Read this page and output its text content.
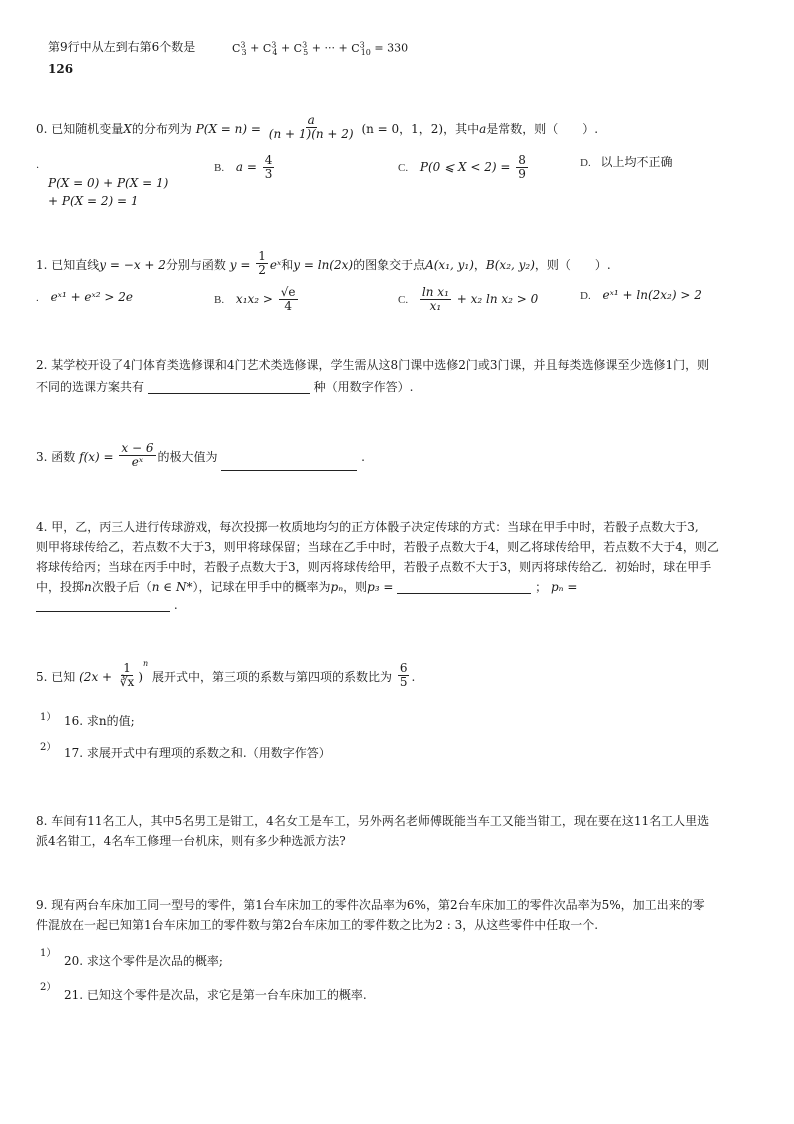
第9行中从左到右第6个数是	$C^3_3 + C^3_4 + C^3_5$ + ··· + $C^3_{10} = 330$
126
0. 已知随机变量X的分布列为 $P(X = n) = \frac{a}{(n + 1)(n + 2)} (n = 0$，1，2)，其中a是常数，则（　　）.
.
P(X = 0) + P(X = 1)
+ P(X = 2) = 1
B. $a = \frac{4}{3}$	C. P(0 ⩽ $X < 2) = \frac{8}{9}$	D. 以上均不正确
1. 已知直线y = −x + 2分别与函数 $y = \frac{1}{2}$ eˣ和y = ln(2x)的图象交于点A(x₁, y₁)，B(x₂, y₂)，则（　　）.
. eˣ¹ + eˣ² > 2e	B. $x_1x_2 > \frac{√e}{4}$	C. $\frac{\text{ln x₁}}{\text{x₁}} + x_2$ ln x₂ > 0	D. eˣ¹ + ln(2x₂) > 2
2. 某学校开设了4门体育类选修课和4门艺术类选修课，学生需从这8门课中选修2门或3门课，并且每类选修课至少选修1门，则
不同的选课方案共有	种（用数字作答）.
3. 函数 $f(x) = \frac{x - 6}{\text{eˣ}}$ 的极大值为	.
4. 甲，乙，丙三人进行传球游戏，每次投掷一枚质地均匀的正方体骰子决定传球的方式：当球在甲手中时，若骰子点数大于3,
则甲将球传给乙，若点数不大于3，则甲将球保留；当球在乙手中时，若骰子点数大于4，则乙将球传给甲，若点数不大于4，则乙
将球传给丙；当球在丙手中时，若骰子点数大于3，则丙将球传给甲，若骰子点数不大于3，则丙将球传给乙．初始时，球在甲手
中，投掷n次骰子后（n ∈ N*），记球在甲手中的概率为pₙ，则p₃ =	； pₙ =
.
5. 已知 $(2x + \frac{1}{∛x} )^n$ 展开式中，第三项的系数与第四项的系数比为 $\frac{6}{5}$ .
1） 16. 求n的值;
2） 17. 求展开式中有理项的系数之和.（用数字作答）
8. 车间有11名工人，其中5名男工是钳工，4名女工是车工，另外两名老师傅既能当车工又能当钳工，现在要在这11名工人里选
派4名钳工，4名车工修理一台机床，则有多少种选派方法?
9. 现有两台车床加工同一型号的零件，第1台车床加工的零件次品率为6%，第2台车床加工的零件次品率为5%，加工出来的零
件混放在一起已知第1台车床加工的零件数与第2台车床加工的零件数之比为2 : 3，从这些零件中任取一个.
1）
20. 求这个零件是次品的概率;
2）
21. 已知这个零件是次品，求它是第一台车床加工的概率.
